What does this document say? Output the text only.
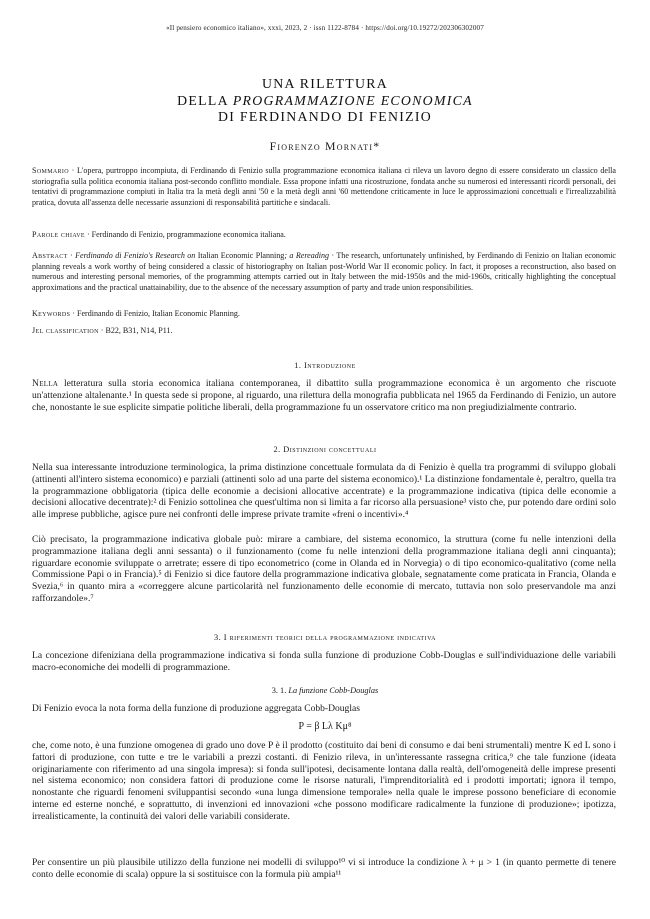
«Il pensiero economico italiano», xxxi, 2023, 2 · issn 1122-8784 · https://doi.org/10.19272/202306302007
UNA RILETTURA
DELLA PROGRAMMAZIONE ECONOMICA
DI FERDINANDO DI FENIZIO
Fiorenzo Mornati*
Sommario · L'opera, purtroppo incompiuta, di Ferdinando di Fenizio sulla programmazione economica italiana ci rileva un lavoro degno di essere considerato un classico della storiografia sulla politica economia italiana post-secondo conflitto mondiale. Essa propone infatti una ricostruzione, fondata anche su numerosi ed interessanti ricordi personali, dei tentativi di programmazione compiuti in Italia tra la metà degli anni '50 e la metà degli anni '60 mettendone criticamente in luce le approssimazioni concettuali e l'irrealizzabilità pratica, dovuta all'assenza delle necessarie assunzioni di responsabilità partitiche e sindacali.
Parole chiave · Ferdinando di Fenizio, programmazione economica italiana.
Abstract · Ferdinando di Fenizio's Research on Italian Economic Planning; a Rereading · The research, unfortunately unfinished, by Ferdinando di Fenizio on Italian economic planning reveals a work worthy of being considered a classic of historiography on Italian post-World War II economic policy. In fact, it proposes a reconstruction, also based on numerous and interesting personal memories, of the programming attempts carried out in Italy between the mid-1950s and the mid-1960s, critically highlighting the conceptual approximations and the practical unattainability, due to the absence of the necessary assumption of party and trade union responsibilities.
Keywords · Ferdinando di Fenizio, Italian Economic Planning.
Jel classification · B22, B31, N14, P11.
1. Introduzione
Nella letteratura sulla storia economica italiana contemporanea, il dibattito sulla programmazione economica è un argomento che riscuote un'attenzione altalenante.¹ In questa sede si propone, al riguardo, una rilettura della monografia pubblicata nel 1965 da Ferdinando di Fenizio, un autore che, nonostante le sue esplicite simpatie politiche liberali, della programmazione fu un osservatore critico ma non pregiudizialmente contrario.
2. Distinzioni concettuali
Nella sua interessante introduzione terminologica, la prima distinzione concettuale formulata da di Fenizio è quella tra programmi di sviluppo globali (attinenti all'intero sistema economico) e parziali (attinenti solo ad una parte del sistema economico).¹ La distinzione fondamentale è, peraltro, quella tra la programmazione obbligatoria (tipica delle economie a decisioni allocative accentrate) e la programmazione indicativa (tipica delle economie a decisioni allocative decentrate):² di Fenizio sottolinea che quest'ultima non si limita a far ricorso alla persuasione³ visto che, pur potendo dare ordini solo alle imprese pubbliche, agisce pure nei confronti delle imprese private tramite «freni o incentivi».⁴
Ciò precisato, la programmazione indicativa globale può: mirare a cambiare, del sistema economico, la struttura (come fu nelle intenzioni della programmazione italiana degli anni sessanta) o il funzionamento (come fu nelle intenzioni della programmazione italiana degli anni cinquanta); riguardare economie sviluppate o arretrate; essere di tipo econometrico (come in Olanda ed in Norvegia) o di tipo economico-qualitativo (come nella Commissione Papi o in Francia).⁵ di Fenizio si dice fautore della programmazione indicativa globale, segnatamente come praticata in Francia, Olanda e Svezia,⁶ in quanto mira a «correggere alcune particolarità nel funzionamento delle economie di mercato, tuttavia non solo preservandole ma anzi rafforzandole».⁷
3. I riferimenti teorici della programmazione indicativa
La concezione difeniziana della programmazione indicativa si fonda sulla funzione di produzione Cobb-Douglas e sull'individuazione delle variabili macro-economiche dei modelli di programmazione.
3. 1. La funzione Cobb-Douglas
Di Fenizio evoca la nota forma della funzione di produzione aggregata Cobb-Douglas
P = β Lλ Kμ⁸
che, come noto, è una funzione omogenea di grado uno dove P è il prodotto (costituito dai beni di consumo e dai beni strumentali) mentre K ed L sono i fattori di produzione, con tutte e tre le variabili a prezzi costanti. di Fenizio rileva, in un'interessante rassegna critica,⁹ che tale funzione (ideata originariamente con riferimento ad una singola impresa): si fonda sull'ipotesi, decisamente lontana dalla realtà, dell'omogeneità delle imprese presenti nel sistema economico; non considera fattori di produzione come le risorse naturali, l'imprenditorialità ed i prodotti importati; ignora il tempo, nonostante che riguardi fenomeni sviluppantisi secondo «una lunga dimensione temporale» nella quale le imprese possono beneficiare di economie interne ed esterne nonché, e soprattutto, di invenzioni ed innovazioni «che possono modificare radicalmente la funzione di produzione»; ipotizza, irrealisticamente, la continuità dei valori delle variabili considerate.
Per consentire un più plausibile utilizzo della funzione nei modelli di sviluppo¹⁰ vi si introduce la condizione λ + μ > 1 (in quanto permette di tenere conto delle economie di scala) oppure la si sostituisce con la formula più ampia¹¹
